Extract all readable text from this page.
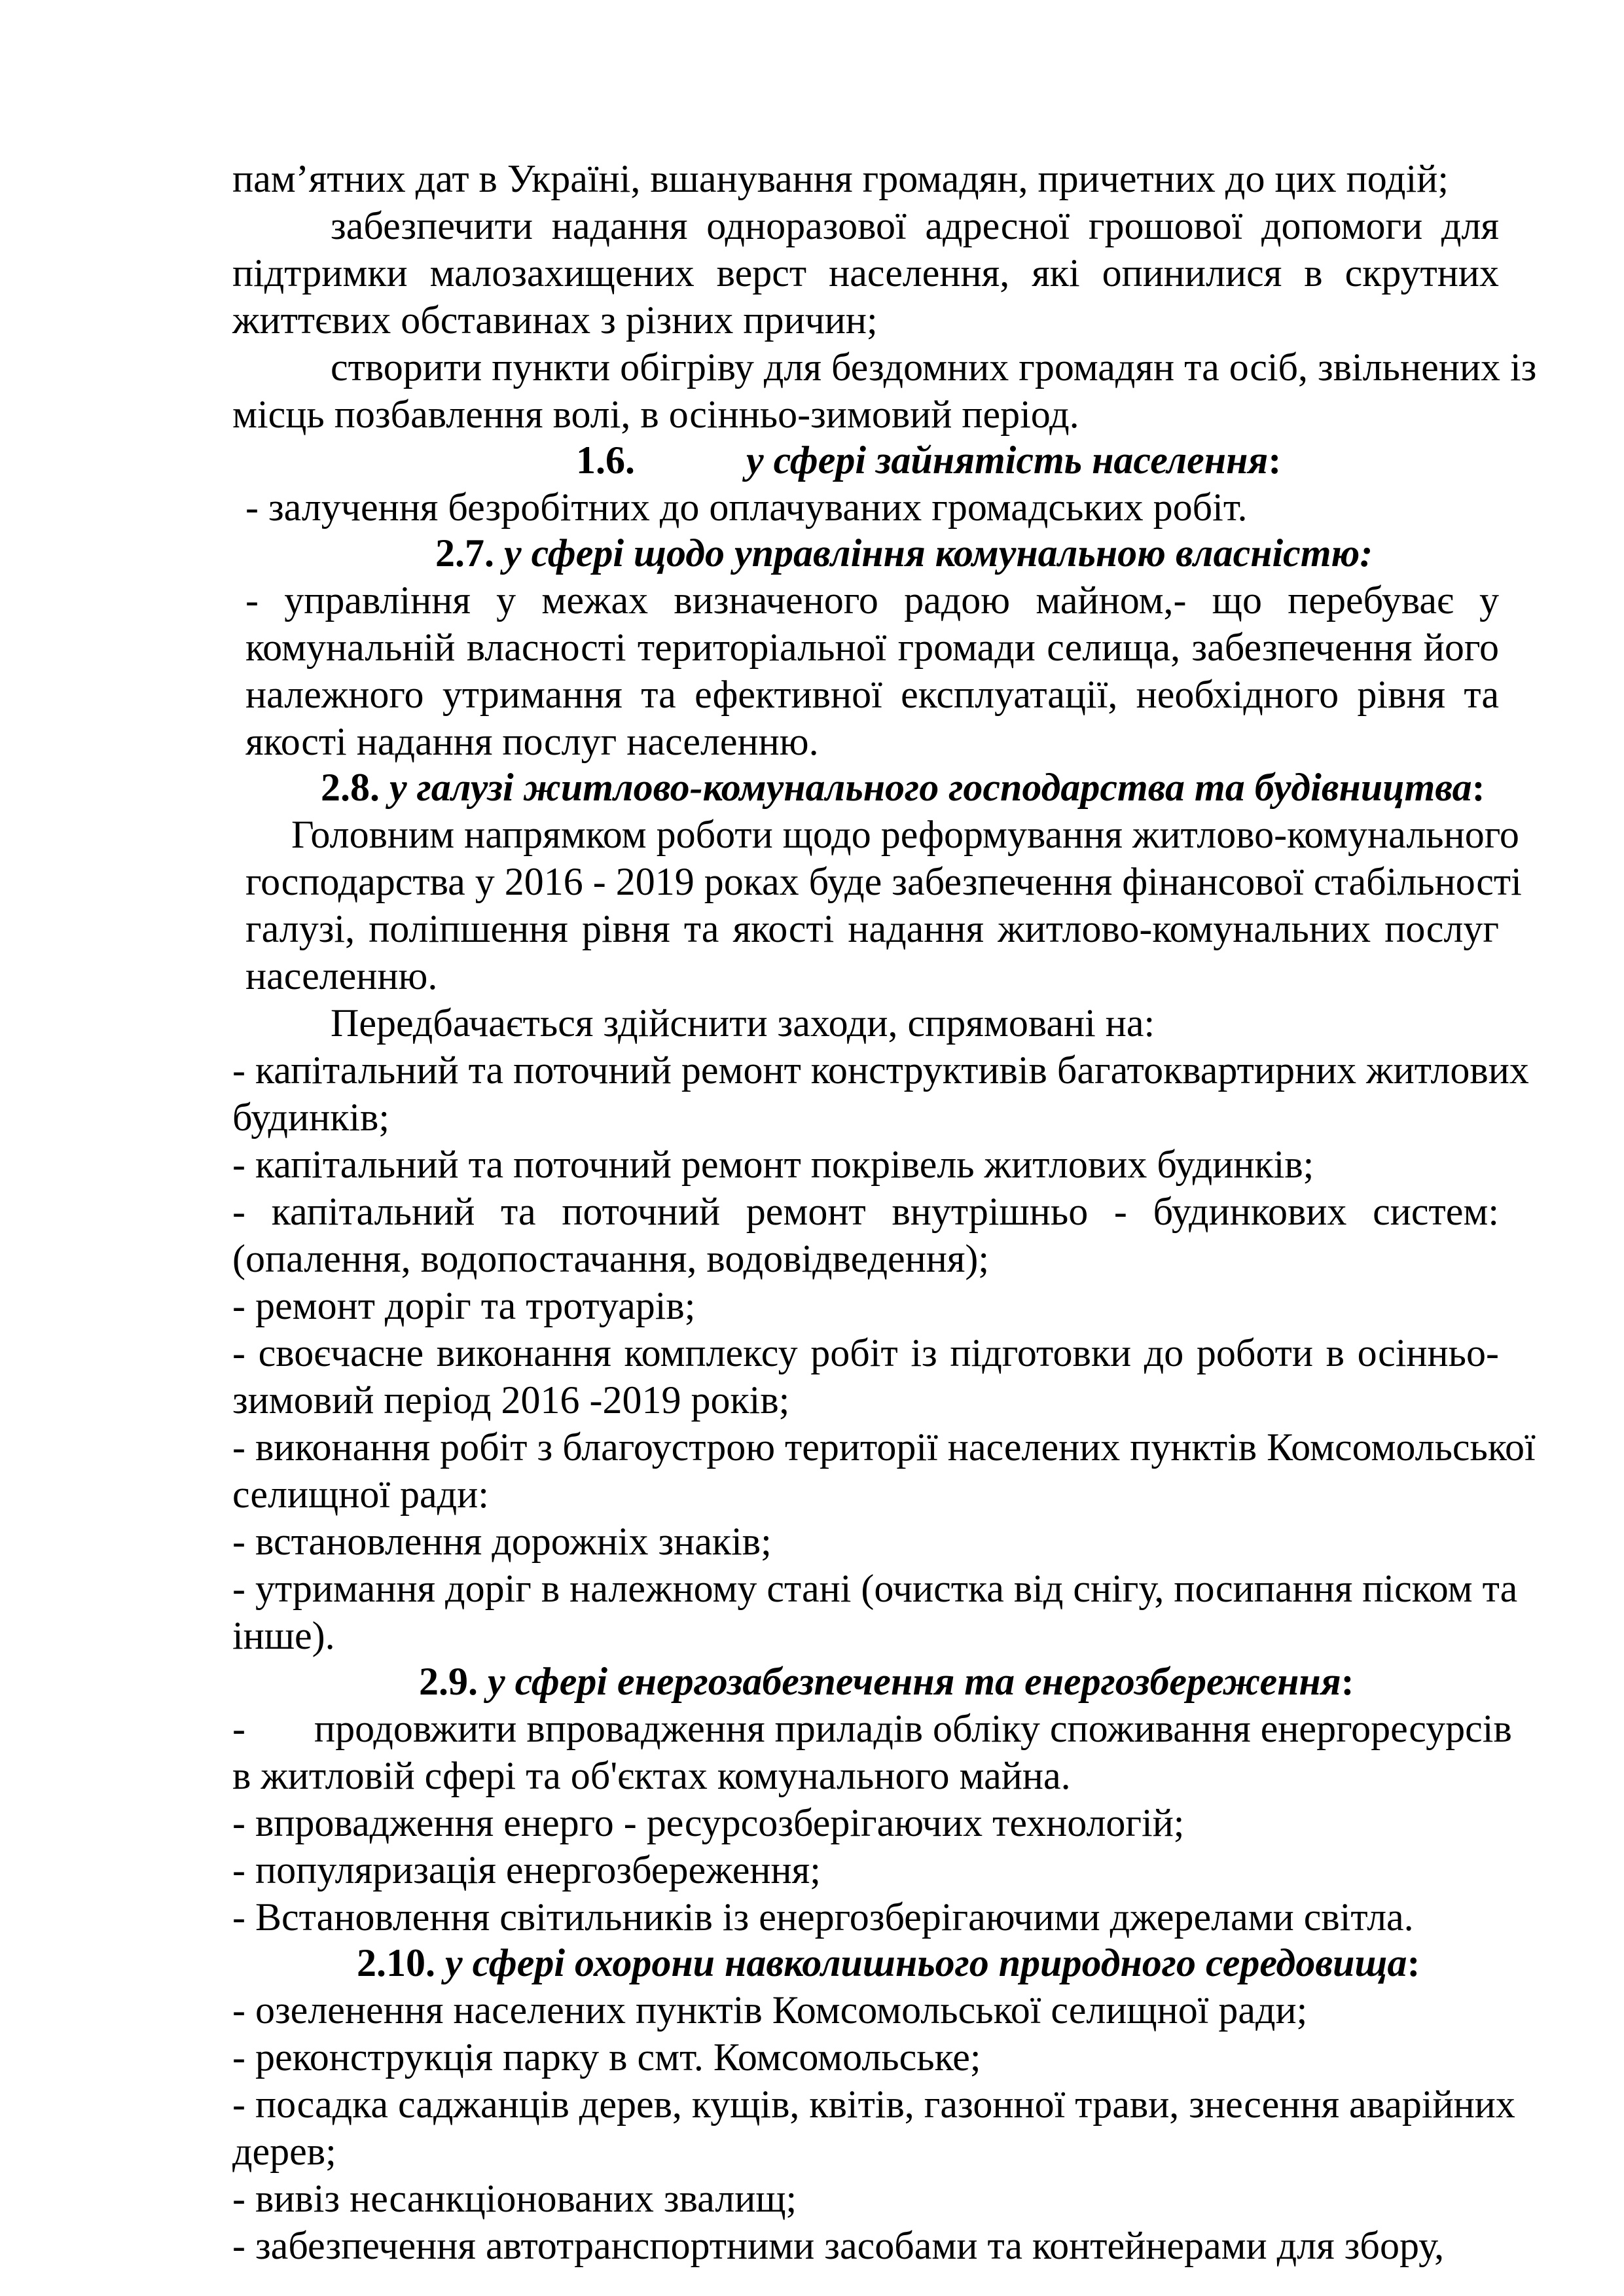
пам’ятних дат в Україні, вшанування громадян, причетних до цих подій;
забезпечити надання одноразової адресної грошової допомоги для
підтримки малозахищених верст населення, які опинилися в скрутних
життєвих обставинах з різних причин;
створити пункти обігріву для бездомних громадян та осіб, звільнених із
місць позбавлення волі, в осінньо-зимовий період.
1.6.	у сфері зайнятість населення:
- залучення безробітних до оплачуваних громадських робіт.
2.7. у сфері щодо управління комунальною власністю:
- управління у межах визначеного радою майном,- що перебуває у
комунальній власності територіальної громади селища, забезпечення його
належного утримання та ефективної експлуатації, необхідного рівня та
якості надання послуг населенню.
2.8. у галузі житлово-комунального господарства та будівництва:
Головним напрямком роботи щодо реформування житлово-комунального
господарства у 2016 - 2019 роках буде забезпечення фінансової стабільності
галузі, поліпшення рівня та якості надання житлово-комунальних послуг
населенню.
Передбачається здійснити заходи, спрямовані на:
- капітальний та поточний ремонт конструктивів багатоквартирних житлових
будинків;
- капітальний та поточний ремонт покрівель житлових будинків;
- капітальний та поточний ремонт внутрішньо - будинкових систем:
(опалення, водопостачання, водовідведення);
- ремонт доріг та тротуарів;
- своєчасне виконання комплексу робіт із підготовки до роботи в осінньо-
зимовий період 2016 -2019 років;
- виконання робіт з благоустрою території населених пунктів Комсомольської
селищної ради:
- встановлення дорожніх знаків;
- утримання доріг в належному стані (очистка від снігу, посипання піском та
інше).
2.9. у сфері енергозабезпечення та енергозбереження:
-       продовжити впровадження приладів обліку споживання енергоресурсів
в житловій сфері та об'єктах комунального майна.
- впровадження енерго - ресурсозберігаючих технологій;
- популяризація енергозбереження;
- Встановлення світильників із енергозберігаючими джерелами світла.
2.10. у сфері охорони навколишнього природного середовища:
- озеленення населених пунктів Комсомольської селищної ради;
- реконструкція парку в смт. Комсомольське;
- посадка саджанців дерев, кущів, квітів, газонної трави, знесення аварійних
дерев;
- вивіз несанкціонованих звалищ;
- забезпечення автотранспортними засобами та контейнерами для збору,
